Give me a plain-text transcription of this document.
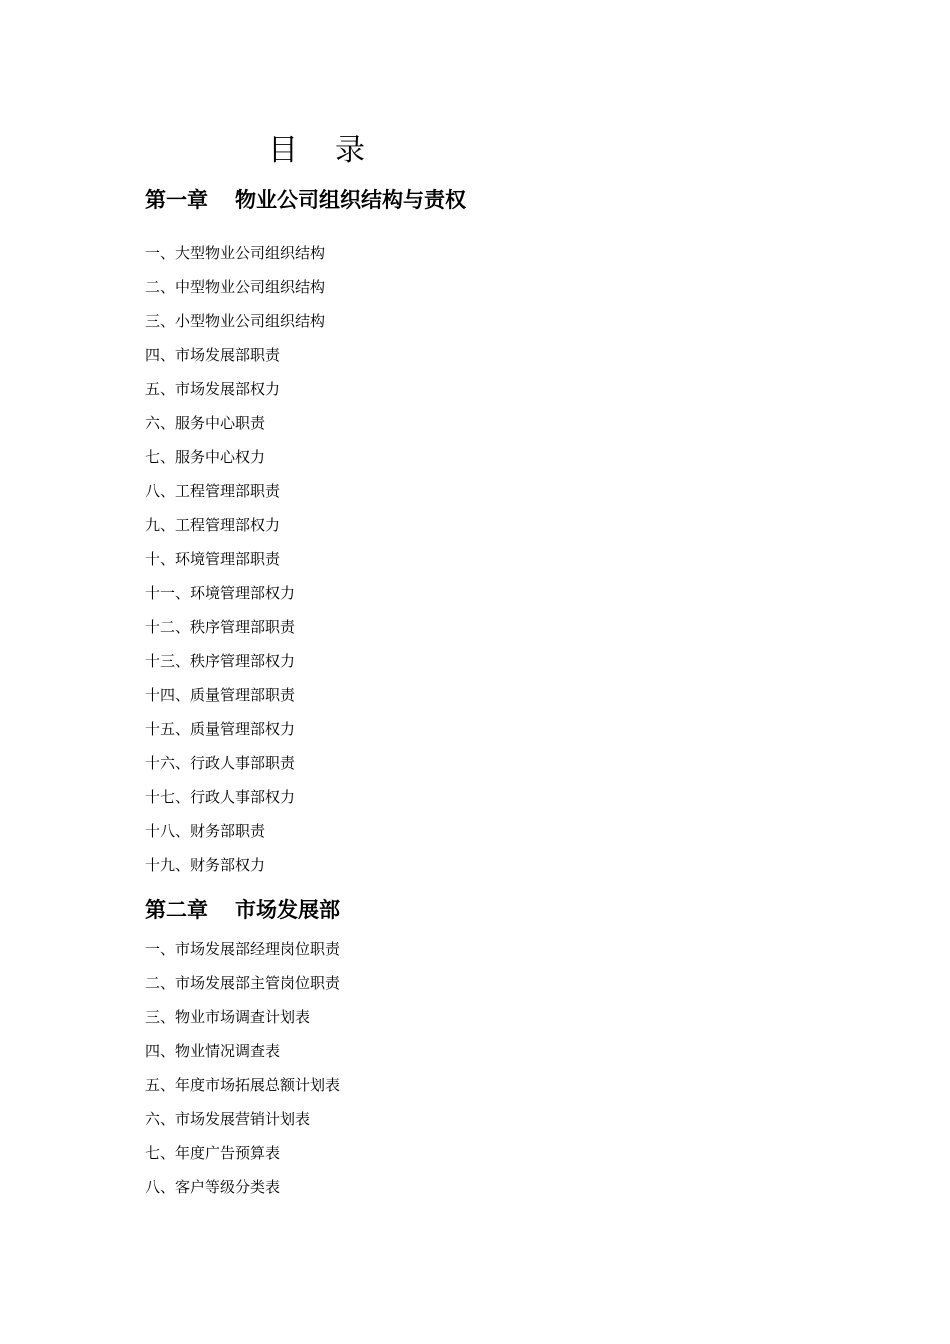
目录
第一章 物业公司组织结构与责权
一、大型物业公司组织结构
二、中型物业公司组织结构
三、小型物业公司组织结构
四、市场发展部职责
五、市场发展部权力
六、服务中心职责
七、服务中心权力
八、工程管理部职责
九、工程管理部权力
十、环境管理部职责
十一、环境管理部权力
十二、秩序管理部职责
十三、秩序管理部权力
十四、质量管理部职责
十五、质量管理部权力
十六、行政人事部职责
十七、行政人事部权力
十八、财务部职责
十九、财务部权力
第二章 市场发展部
一、市场发展部经理岗位职责
二、市场发展部主管岗位职责
三、物业市场调查计划表
四、物业情况调查表
五、年度市场拓展总额计划表
六、市场发展营销计划表
七、年度广告预算表
八、客户等级分类表
